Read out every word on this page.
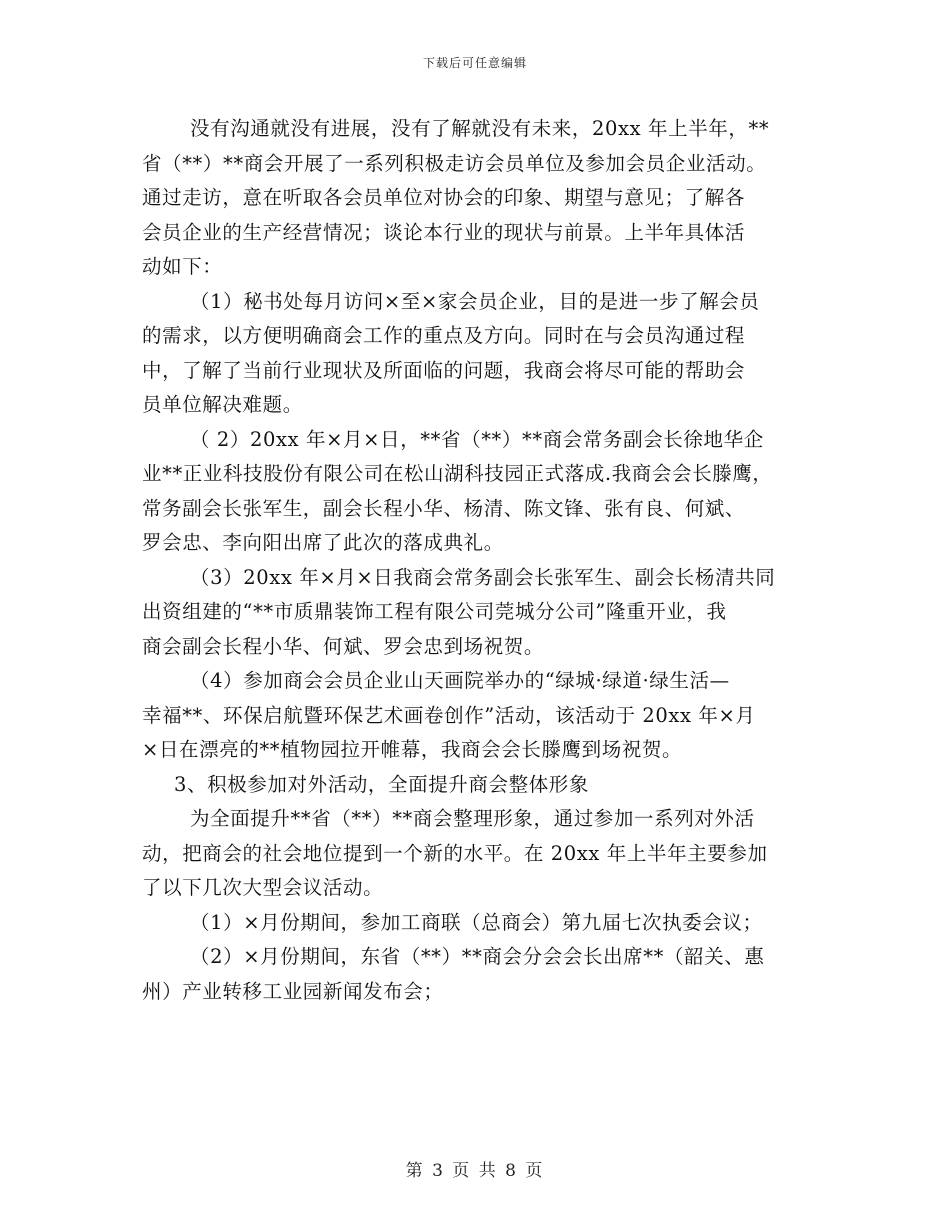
下载后可任意编辑
没有沟通就没有进展，没有了解就没有未来，20xx 年上半年，**
省（**）**商会开展了一系列积极走访会员单位及参加会员企业活动。
通过走访，意在听取各会员单位对协会的印象、期望与意见；了解各
会员企业的生产经营情况；谈论本行业的现状与前景。上半年具体活
动如下：
（1）秘书处每月访问×至×家会员企业，目的是进一步了解会员
的需求，以方便明确商会工作的重点及方向。同时在与会员沟通过程
中，了解了当前行业现状及所面临的问题，我商会将尽可能的帮助会
员单位解决难题。
（ 2）20xx 年×月×日，**省（**）**商会常务副会长徐地华企
业**正业科技股份有限公司在松山湖科技园正式落成.我商会会长滕鹰，
常务副会长张军生，副会长程小华、杨清、陈文锋、张有良、何斌、
罗会忠、李向阳出席了此次的落成典礼。
（3）20xx 年×月×日我商会常务副会长张军生、副会长杨清共同
出资组建的“**市质鼎装饰工程有限公司莞城分公司”隆重开业，我
商会副会长程小华、何斌、罗会忠到场祝贺。
（4）参加商会会员企业山天画院举办的“绿城·绿道·绿生活—
幸福**、环保启航暨环保艺术画卷创作”活动，该活动于 20xx 年×月
×日在漂亮的**植物园拉开帷幕，我商会会长滕鹰到场祝贺。
3、积极参加对外活动，全面提升商会整体形象
为全面提升**省（**）**商会整理形象，通过参加一系列对外活
动，把商会的社会地位提到一个新的水平。在 20xx 年上半年主要参加
了以下几次大型会议活动。
（1）×月份期间，参加工商联（总商会）第九届七次执委会议；
（2）×月份期间，东省（**）**商会分会会长出席**（韶关、惠
州）产业转移工业园新闻发布会；
第 3 页 共 8 页
